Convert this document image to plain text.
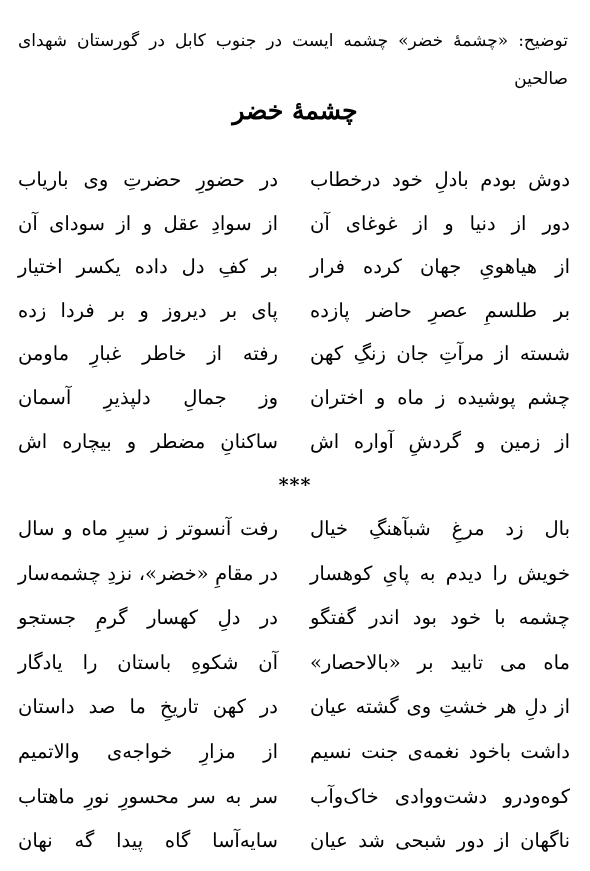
توضیح: «چشمهٔ خضر» چشمه ایست در جنوب کابل در گورستان شهدای صالحین
چشمهٔ خضر
دوش بودم بادلِ خود درخطاب
در حضورِ حضرتِ وی باریاب
دور از دنیا و از غوغای آن
از سوادِ عقل و از سودای آن
از هیاهویِ جهان کرده فرار
بر کفِ دل داده یکسر اختیار
بر طلسمِ عصرِ حاضر پازده
پای بر دیروز و بر فردا زده
شسته از مرآتِ جان زنگِ کهن
رفته از خاطر غبارِ ماومن
چشم پوشیده ز ماه و اختران
وز جمالِ دلپذیرِ آسمان
از زمین و گردشِ آواره اش
ساکنانِ مضطر و بیچاره اش
***
بال زد مرغِ شبآهنگِ خیال
رفت آنسوتر ز سیرِ ماه و سال
خویش را دیدم به پایِ کوهسار
در مقامِ «خضر»، نزدِ چشمه‌سار
چشمه با خود بود اندر گفتگو
در دلِ کهسار گرمِ جستجو
ماه می تابید بر «بالاحصار»
آن شکوهِ باستان را یادگار
از دلِ هر خشتِ وی گشته عیان
در کهن تاریخِ ما صد داستان
داشت باخود نغمه‌ی جنت نسیم
از مزارِ خواجه‌ی والاتمیم
کوه‌ودرو دشت‌ووادی خاک‌وآب
سر به سر محسورِ نورِ ماهتاب
ناگهان از دور شبحی شد عیان
سایه‌آسا گاه پیدا گه نهان
